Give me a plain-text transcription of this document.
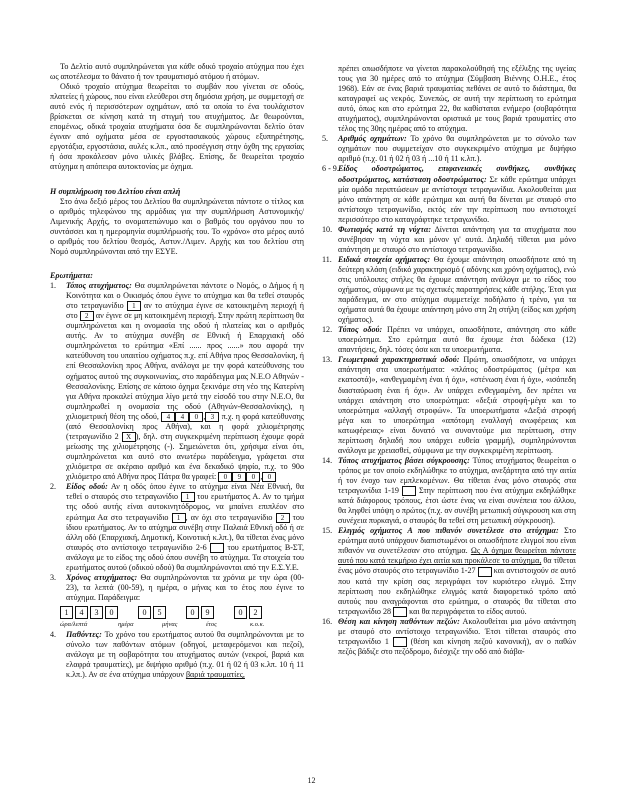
Το Δελτίο αυτό συμπληρώνεται για κάθε οδικό τροχαίο ατύχημα που έχει ως αποτέλεσμα το θάνατο ή τον τραυματισμό ατόμου ή ατόμων.

Οδικό τροχαίο ατύχημα θεωρείται το συμβάν που γίνεται σε οδούς, πλατείες ή χώρους, που είναι ελεύθεροι στη δημόσια χρήση, με συμμετοχή σε αυτό ενός ή περισσότερων οχημάτων, από τα οποία το ένα τουλάχιστον βρίσκεται σε κίνηση κατά τη στιγμή του ατυχήματος. Δε θεωρούνται, επομένως, οδικά τροχαία ατυχήματα όσα δε συμπληρώνονται δελτίο όταν έγιναν από οχήματα μέσα σε εργοστασιακούς χώρους εξυπηρέτησης, εργοτάξια, εργοστάσια, αυλές κ.λπ., από προσέγγιση στην όχθη της εργασίας ή όσα προκάλεσαν μόνο υλικές βλάβες. Επίσης, δε θεωρείται τροχαίο ατύχημα η απόπειρα αυτοκτονίας με όχημα.

Η συμπλήρωση του Δελτίου είναι απλή

Στο άνω δεξιό μέρος του Δελτίου θα συμπληρώνεται πάντοτε ο τίτλος και ο αριθμός τηλεφώνου της αρμόδιας για την συμπλήρωση Αστυνομικής/Λιμενικής Αρχής, το ονοματεπώνυμο και ο βαθμός του οργάνου που το συντάσσει και η ημερομηνία συμπλήρωσής του. Το «χρόνο» στο μέρος αυτό ο αριθμός του δελτίου θεσμός, Αστυν./Λιμεν. Αρχής και του δελτίου στη Νομό συμπληρώνονται από την ΕΣΥΕ.

Ερωτήματα:

1. Τόπος ατυχήματος: Θα συμπληρώνεται πάντοτε ο Νομός, ο Δήμος ή η Κοινότητα και ο Οικισμός όπου έγινε το ατύχημα και θα τεθεί σταυρός στο τετραγωνίδιο 1 αν το ατύχημα έγινε σε κατοικημένη περιοχή ή στο 2 αν έγινε σε μη κατοικημένη περιοχή. Στην πρώτη περίπτωση θα συμπληρώνεται και η ονομασία της οδού ή πλατείας και ο αριθμός αυτής. Αν το ατύχημα συνέβη σε Εθνική ή Επαρχιακή οδό συμπληρώνεται το ερώτημα «Επί ...... προς ......» που αφορά την κατεύθυνση του υπαιτίου οχήματος π.χ. επί Αθήνα προς Θεσσαλονίκη, ή επί Θεσσαλονίκη προς Αθήνα, ανάλογα με την φορά κατεύθυνσης του οχήματος αυτού της συγκοινωνίας, στο παράδειγμα μας Ν.Ε.Ο Αθηνών - Θεσσαλονίκης. Επίσης σε κάποιο όχημα ξεκινάμε στη νέο της Κατερίνη για Αθήνα προκαλεί ατύχημα λίγο μετά την είσοδό του στην Ν.Ε.Ο, θα συμπληρωθεί η ονομασία της οδού (Αθηνών-Θεσσαλονίκης), η χιλιομετρική θέση της οδού, 4 4 0 , 3 π.χ. η φορά κατεύθυνσης (από Θεσσαλονίκη προς Αθήνα), και η φορά χιλιομέτρησης (τετραγωνίδιο 2 X ), δηλ. στη συγκεκριμένη περίπτωση έχουμε φορά μείωσης της χιλιομέτρησης (-). Σημειώνεται ότι, χρήσιμα είναι ότι, συμπληρώνεται και αυτό στο ανωτέρω παράδειγμα, γράφεται στα χιλιόμετρα σε ακέραιο αριθμό και ένα δεκαδικό ψηφίο, π.χ. το 90ο χιλιόμετρο από Αθήνα προς Πάτρα θα γραφεί: 0 9 0 , 0
2. Είδος οδού: Αν η οδός όπου έγινε το ατύχημα είναι Νέα Εθνική, θα τεθεί ο σταυρός στο τετραγωνίδιο 1 του ερωτήματος Α. Αν το τμήμα της οδού αυτής είναι αυτοκινητόδρομος, να μπαίνει επιπλέον στο ερώτημα Αα στο τετραγωνίδιο 1 , αν όχι στο τετραγωνίδιο 2 του ίδιου ερωτήματος. Αν το ατύχημα συνέβη στην Παλαιά Εθνική οδό ή σε άλλη οδό (Επαρχιακή, Δημοτική, Κοινοτική κ.λπ.), θα τίθεται ένας μόνο σταυρός στο αντίστοιχο τετραγωνίδιο 2-6	του ερωτήματος Β-ΣΤ, ανάλογα με το είδος της οδού όπου συνέβη το ατύχημα. Τα στοιχεία του ερωτήματος αυτού (οδικού οδού) θα συμπληρώνονται από την Ε.Σ.Υ.Ε.
3. Χρόνος ατυχήματος: Θα συμπληρώνονται τα χρόνια με την ώρα (00-23), τα λεπτά (00-59), η ημέρα, ο μήνας και το έτος που έγινε το ατύχημα. Παράδειγμα:
1	4	3	0	0	5	0	9	0	2
ώρα/λεπτά	ημέρα	μήνας	έτος	κ.ο.κ.
4. Παθόντες: Το χρόνο του ερωτήματος αυτού θα συμπληρώνονται με το σύνολο των παθόντων ατόμων (οδηγοί, μεταφερόμενοι και πεζοί), ανάλογα με τη σοβαρότητα του ατυχήματος αυτών (νεκροί, βαριά και ελαφρά τραυματίες), με διψήφιο αριθμό (π.χ. 01 ή 02 ή 03 κ.λπ. 10 ή 11 κ.λπ.). Αν σε ένα ατύχημα υπάρχουν βαριά τραυματίες,

πρέπει οπωσδήποτε να γίνεται παρακολούθησή της εξέλιξης της υγείας τους για 30 ημέρες από το ατύχημα (Σύμβαση Βιέννης Ο.Η.Ε., έτος 1968). Εάν σε ένας βαριά τραυματίας πεθάνει σε αυτό το διάστημα, θα καταγραφεί ως νεκρός. Συνεπώς, σε αυτή την περίπτωση το ερώτημα αυτό, όπως και στο ερώτημα 22, θα καθίσταται ενήμερο (σοβαρότητα ατυχήματος), συμπληρώνονται οριστικά με τους βαριά τραυματίες στο τέλος της 30ης ημέρας από το ατύχημα.

5. Αριθμός οχημάτων: Το χρόνο θα συμπληρώνεται με το σύνολο των οχημάτων που συμμετείχαν στο συγκεκριμένο ατύχημα με διψήφιο αριθμό (π.χ. 01 ή 02 ή 03 ή ...10 ή 11 κ.λπ.).
6 - 9. Είδος οδοστρώματος, επιφανειακές συνθήκες, συνθήκες οδοστρώματος, κατάσταση οδοστρώματος: Σε κάθε ερώτημα υπάρχει μία ομάδα περιπτώσεων με αντίστοιχα τετραγωνίδια. Ακολουθείται μια μόνο απάντηση σε κάθε ερώτημα και αυτή θα δίνεται με σταυρό στο αντίστοιχο τετραγωνίδιο, εκτός εάν την περίπτωση που αντιστοιχεί περισσότερο στο καταγράφτηκε τετραγωνίδιο.
10. Φωτισμός κατά τη νύχτα: Δίνεται απάντηση για τα ατυχήματα που συνέβησαν τη νύχτα και μόνον γι' αυτά. Δηλαδή τίθεται μια μόνο απάντηση με σταυρό στο αντίστοιχο τετραγωνίδιο.
11. Ειδικά στοιχεία οχήματος: Θα έχουμε απάντηση οπωσδήποτε από τη δεύτερη κλάση (ειδικό χαρακτηρισμό ( αδόνης και χρόνη οχήματος), ενώ στις υπόλοιπες στήλες θα έχουμε απάντηση ανάλογα με το είδος του οχήματος, σύμφωνα με τις σχετικές παρατηρήσεις κάθε στήλης. Έτσι για παράδειγμα, αν στο ατύχημα συμμετείχε ποδήλατο ή τρένο, για τα οχήματα αυτά θα έχουμε απάντηση μόνο στη 2η στήλη (είδος και χρήση οχήματος).
12. Τύπος οδού: Πρέπει να υπάρχει, οπωσδήποτε, απάντηση στο κάθε υποερώτημα. Στο ερώτημα αυτό θα έχουμε έτσι δώδεκα (12) απαντήσεις, δηλ. τόσες όσα και τα υποερωτήματα.
13. Γεωμετρικά χαρακτηριστικά οδού: Πρώτη, οπωσδήποτε, να υπάρχει απάντηση στα υποερωτήματα: «πλάτος οδοστρώματος (μέτρα και εκατοστά)», «ανθεγμαμένη έναι ή όχι», «στένωση έναι ή όχι», «ισόπεδη διασταύρωση έναι ή όχι». Αν υπάρχει ενθεγμαμένη, δεν πρέπει να υπάρχει απάντηση στο υποερώτημα: «δεξιά στροφή-μέγα και το υποερώτημα «αλλαγή στροφών». Τα υποερωτήματα «Δεξιά στροφή μέγα και το υποερώτημα «απότομη εναλλαγή ανωφέρειας και κατωφέρειας» είναι δυνατό να συναντούμε μια περίπτωση, στην περίπτωση δηλαδή που υπάρχει ευθεία γραμμή), συμπληρώνονται ανάλογα με χρειασθεί, σύμφωνα με την συγκεκριμένη περίπτωση.
14. Τύπος ατυχήματος βάσει σύγκρουσης: Τύπος ατυχήματος θεωρείται ο τρόπος με τον οποίο εκδηλώθηκε το ατύχημα, ανεξάρτητα από την αιτία ή τον ένοχο των εμπλεκομένων. Θα τίθεται ένας μόνο σταυρός στα τετραγωνίδια 1-19 Στην περίπτωση που ένα ατύχημα εκδηλώθηκε κατά διάφορους τρόπους, έτσι ώστε ένας να είναι συνέπεια του άλλου, θα ληφθεί υπόψη ο πρώτος (π.χ. αν συνέβη μετωπική σύγκρουση και στη συνέχεια πυρκαγιά, ο σταυρός θα τεθεί στη μετωπική σύγκρουση).
15. Ελιγμός οχήματος Α που πιθανόν συνετέλεσε στο ατύχημα: Στο ερώτημα αυτό υπάρχουν διαπιστωμένοι οι οπωσδήποτε ελιγμοί που είναι πιθανόν να συνετέλεσαν στο ατύχημα. Ως Α όχημα θεωρείται πάντοτε αυτό που κατά τεκμήριο έχει αιτία και προκάλεσε το ατύχημα, θα τίθεται ένας μόνο σταυρός στο τετραγωνίδιο 1-27 και αντιστοιχούν σε αυτό που κατά την κρίση σας περιγράφει τον κυριότερο ελιγμό. Στην περίπτωση που εκδηλώθηκε ελιγμός κατά διαφορετικό τρόπο από αυτούς που αναγράφονται στο ερώτημα, ο σταυρός θα τίθεται στο τετραγωνίδιο 28 και θα περιγράφεται το είδος αυτού.
16. Θέση και κίνηση παθόντων πεζών: Ακολουθείται μια μόνο απάντηση με σταυρό στο αντίστοιχο τετραγωνίδιο. Έτσι τίθεται σταυρός στο τετραγωνίδιο 1	(θέση και κίνηση πεζού κανονική), αν ο παθών πεζός βάδιζε στο πεζόδρομο, διέσχιζε την οδό από διάβα-
12
